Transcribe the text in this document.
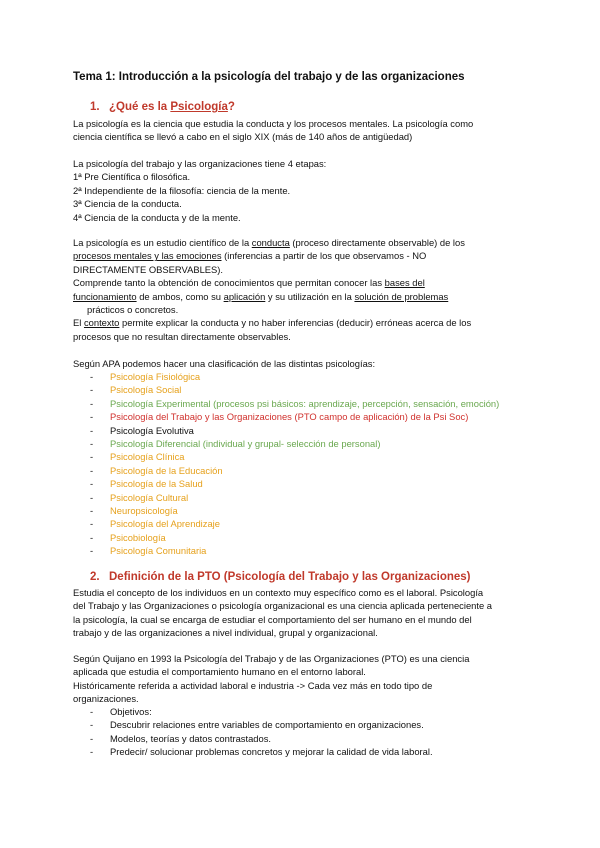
Tema 1: Introducción a la psicología del trabajo y de las organizaciones
1. ¿Qué es la Psicología?
La psicología es la ciencia que estudia la conducta y los procesos mentales. La psicología como
ciencia científica se llevó a cabo en el siglo XIX (más de 140 años de antigüedad)
La psicología del trabajo y las organizaciones tiene 4 etapas:
1ª Pre Científica o filosófica.
2ª Independiente de la filosofía: ciencia de la mente.
3ª Ciencia de la conducta.
4ª Ciencia de la conducta y de la mente.
La psicología es un estudio científico de la conducta (proceso directamente observable) de los
procesos mentales y las emociones (inferencias a partir de los que observamos - NO
DIRECTAMENTE OBSERVABLES).
Comprende tanto la obtención de conocimientos que permitan conocer las bases del
funcionamiento de ambos, como su aplicación y su utilización en la solución de problemas
prácticos o concretos.
El contexto permite explicar la conducta y no haber inferencias (deducir) erróneas acerca de los
procesos que no resultan directamente observables.
Según APA podemos hacer una clasificación de las distintas psicologías:
- Psicología Fisiológica
- Psicología Social
- Psicología Experimental (procesos psi básicos: aprendizaje, percepción, sensación, emoción)
- Psicología del Trabajo y las Organizaciones (PTO campo de aplicación) de la Psi Soc)
- Psicología Evolutiva
- Psicología Diferencial (individual y grupal- selección de personal)
- Psicología Clínica
- Psicología de la Educación
- Psicología de la Salud
- Psicología Cultural
- Neuropsicología
- Psicología del Aprendizaje
- Psicobiología
- Psicología Comunitaria
2. Definición de la PTO (Psicología del Trabajo y las Organizaciones)
Estudia el concepto de los individuos en un contexto muy específico como es el laboral. Psicología
del Trabajo y las Organizaciones o psicología organizacional es una ciencia aplicada perteneciente a
la psicología, la cual se encarga de estudiar el comportamiento del ser humano en el mundo del
trabajo y de las organizaciones a nivel individual, grupal y organizacional.
Según Quijano en 1993 la Psicología del Trabajo y de las Organizaciones (PTO) es una ciencia
aplicada que estudia el comportamiento humano en el entorno laboral.
Históricamente referida a actividad laboral e industria -> Cada vez más en todo tipo de
organizaciones.
- Objetivos:
- Descubrir relaciones entre variables de comportamiento en organizaciones.
- Modelos, teorías y datos contrastados.
- Predecir/ solucionar problemas concretos y mejorar la calidad de vida laboral.
